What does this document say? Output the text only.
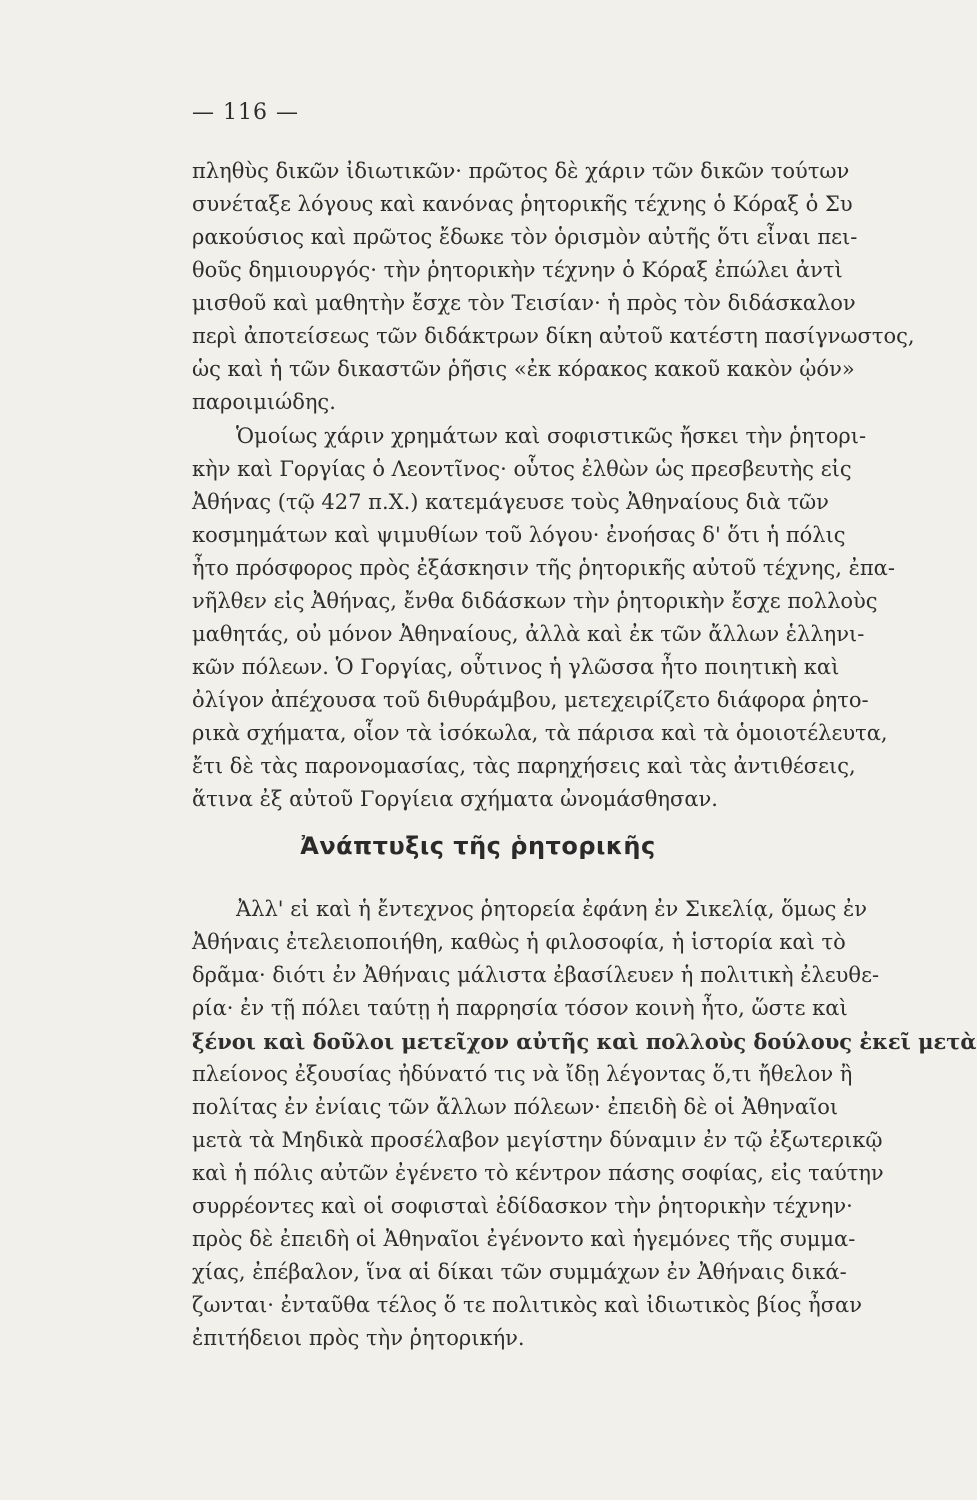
— 116 —
πληθὺς δικῶν ἰδιωτικῶν· πρῶτος δὲ χάριν τῶν δικῶν τούτων
συνέταξε λόγους καὶ κανόνας ῥητορικῆς τέχνης ὁ Κόραξ ὁ Συ
ρακούσιος καὶ πρῶτος ἔδωκε τὸν ὁρισμὸν αὐτῆς ὅτι εἶναι πει-
θοῦς δημιουργός· τὴν ῥητορικὴν τέχνην ὁ Κόραξ ἐπώλει ἀντὶ
μισθοῦ καὶ μαθητὴν ἔσχε τὸν Τεισίαν· ἡ πρὸς τὸν διδάσκαλον
περὶ ἀποτείσεως τῶν διδάκτρων δίκη αὐτοῦ κατέστη πασίγνωστος,
ὡς καὶ ἡ τῶν δικαστῶν ῥῆσις «ἐκ κόρακος κακοῦ κακὸν ᾠόν»
παροιμιώδης.
Ὁμοίως χάριν χρημάτων καὶ σοφιστικῶς ἤσκει τὴν ῥητορι-
κὴν καὶ Γοργίας ὁ Λεοντῖνος· οὗτος ἐλθὼν ὡς πρεσβευτὴς εἰς
Ἀθήνας (τῷ 427 π.Χ.) κατεμάγευσε τοὺς Ἀθηναίους διὰ τῶν
κοσμημάτων καὶ ψιμυθίων τοῦ λόγου· ἐνοήσας δ' ὅτι ἡ πόλις
ἦτο πρόσφορος πρὸς ἐξάσκησιν τῆς ῥητορικῆς αὐτοῦ τέχνης, ἐπα-
νῆλθεν εἰς Ἀθήνας, ἔνθα διδάσκων τὴν ῥητορικὴν ἔσχε πολλοὺς
μαθητάς, οὐ μόνον Ἀθηναίους, ἀλλὰ καὶ ἐκ τῶν ἄλλων ἑλληνι-
κῶν πόλεων. Ὁ Γοργίας, οὗτινος ἡ γλῶσσα ἦτο ποιητικὴ καὶ
ὀλίγον ἀπέχουσα τοῦ διθυράμβου, μετεχειρίζετο διάφορα ῥητο-
ρικὰ σχήματα, οἷον τὰ ἰσόκωλα, τὰ πάρισα καὶ τὰ ὁμοιοτέλευτα,
ἔτι δὲ τὰς παρονομασίας, τὰς παρηχήσεις καὶ τὰς ἀντιθέσεις,
ἅτινα ἐξ αὐτοῦ Γοργίεια σχήματα ὠνομάσθησαν.
Ἀνάπτυξις τῆς ῥητορικῆς
Ἀλλ' εἰ καὶ ἡ ἔντεχνος ῥητορεία ἐφάνη ἐν Σικελίᾳ, ὅμως ἐν
Ἀθήναις ἐτελειοποιήθη, καθὼς ἡ φιλοσοφία, ἡ ἱστορία καὶ τὸ
δρᾶμα· διότι ἐν Ἀθήναις μάλιστα ἐβασίλευεν ἡ πολιτικὴ ἐλευθε-
ρία· ἐν τῇ πόλει ταύτῃ ἡ παρρησία τόσον κοινὴ ἦτο, ὥστε καὶ
ξένοι καὶ δοῦλοι μετεῖχον αὐτῆς καὶ πολλοὺς δούλους ἐκεῖ μετὰ
πλείονος ἐξουσίας ἠδύνατό τις νὰ ἴδῃ λέγοντας ὅ,τι ἤθελον ἢ
πολίτας ἐν ἐνίαις τῶν ἄλλων πόλεων· ἐπειδὴ δὲ οἱ Ἀθηναῖοι
μετὰ τὰ Μηδικὰ προσέλαβον μεγίστην δύναμιν ἐν τῷ ἐξωτερικῷ
καὶ ἡ πόλις αὐτῶν ἐγένετο τὸ κέντρον πάσης σοφίας, εἰς ταύτην
συρρέοντες καὶ οἱ σοφισταὶ ἐδίδασκον τὴν ῥητορικὴν τέχνην·
πρὸς δὲ ἐπειδὴ οἱ Ἀθηναῖοι ἐγένοντο καὶ ἡγεμόνες τῆς συμμα-
χίας, ἐπέβαλον, ἵνα αἱ δίκαι τῶν συμμάχων ἐν Ἀθήναις δικά-
ζωνται· ἐνταῦθα τέλος ὅ τε πολιτικὸς καὶ ἰδιωτικὸς βίος ἦσαν
ἐπιτήδειοι πρὸς τὴν ῥητορικήν.
